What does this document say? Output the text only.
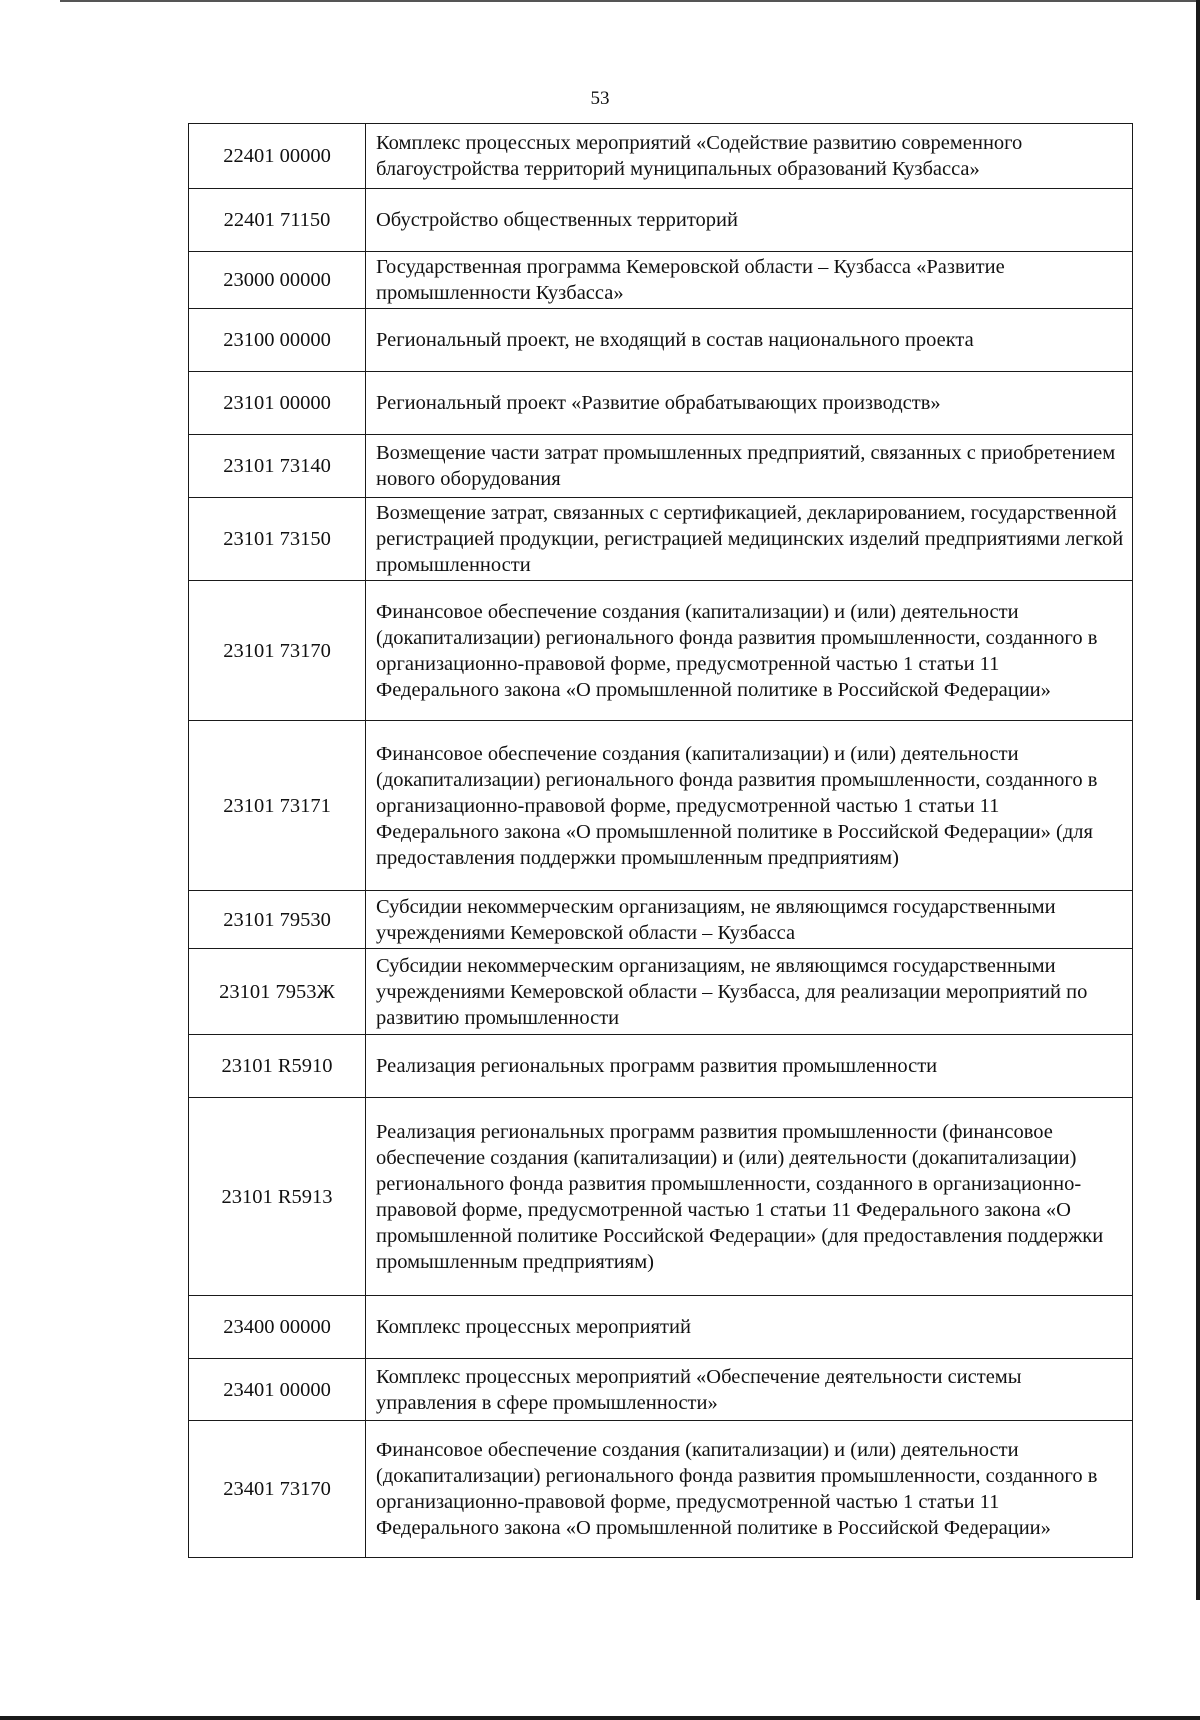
53
22401 00000	Комплекс процессных мероприятий «Содействие развитию современного благоустройства территорий муниципальных образований Кузбасса»
22401 71150	Обустройство общественных территорий
23000 00000	Государственная программа Кемеровской области – Кузбасса «Развитие промышленности Кузбасса»
23100 00000	Региональный проект, не входящий в состав национального проекта
23101 00000	Региональный проект «Развитие обрабатывающих производств»
23101 73140	Возмещение части затрат промышленных предприятий, связанных с приобретением нового оборудования
23101 73150	Возмещение затрат, связанных с сертификацией, декларированием, государственной регистрацией продукции, регистрацией медицинских изделий предприятиями легкой промышленности
23101 73170	Финансовое обеспечение создания (капитализации) и (или) деятельности (докапитализации) регионального фонда развития промышленности, созданного в организационно-правовой форме, предусмотренной частью 1 статьи 11 Федерального закона «О промышленной политике в Российской Федерации»
23101 73171	Финансовое обеспечение создания (капитализации) и (или) деятельности (докапитализации) регионального фонда развития промышленности, созданного в организационно-правовой форме, предусмотренной частью 1 статьи 11 Федерального закона «О промышленной политике в Российской Федерации» (для предоставления поддержки промышленным предприятиям)
23101 79530	Субсидии некоммерческим организациям, не являющимся государственными учреждениями Кемеровской области – Кузбасса
23101 7953Ж	Субсидии некоммерческим организациям, не являющимся государственными учреждениями Кемеровской области – Кузбасса, для реализации мероприятий по развитию промышленности
23101 R5910	Реализация региональных программ развития промышленности
23101 R5913	Реализация региональных программ развития промышленности (финансовое обеспечение создания (капитализации) и (или) деятельности (докапитализации) регионального фонда развития промышленности, созданного в организационно-правовой форме, предусмотренной частью 1 статьи 11 Федерального закона «О промышленной политике Российской Федерации» (для предоставления поддержки промышленным предприятиям)
23400 00000	Комплекс процессных мероприятий
23401 00000	Комплекс процессных мероприятий «Обеспечение деятельности системы управления в сфере промышленности»
23401 73170	Финансовое обеспечение создания (капитализации) и (или) деятельности (докапитализации) регионального фонда развития промышленности, созданного в организационно-правовой форме, предусмотренной частью 1 статьи 11 Федерального закона «О промышленной политике в Российской Федерации»
